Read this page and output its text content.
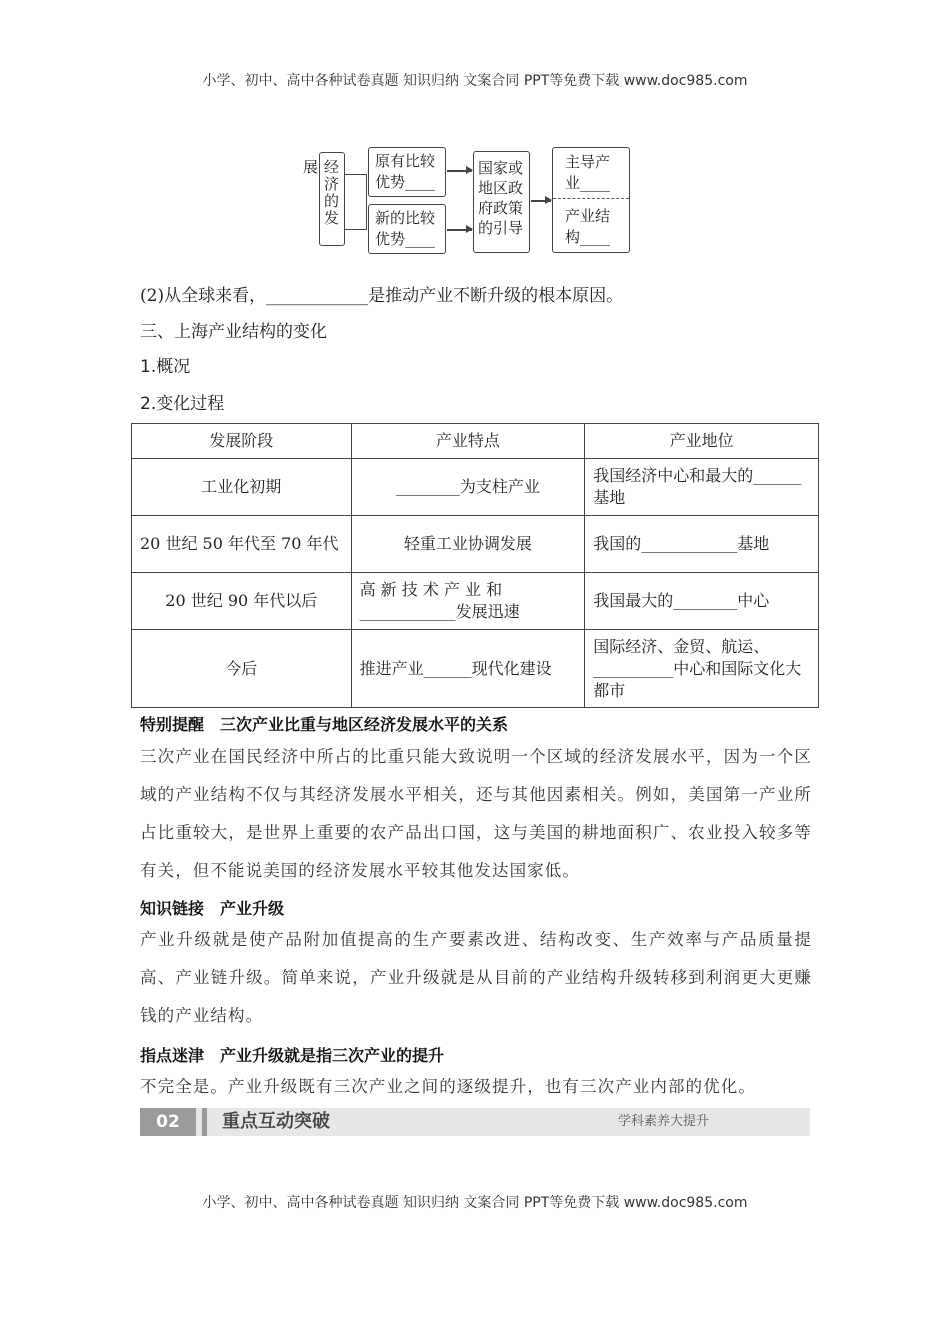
小学、初中、高中各种试卷真题 知识归纳 文案合同 PPT等免费下载 www.doc985.com
经济的发展	原有比较
优势____
新的比较
优势____
国家或
地区政
府政策
的引导
主导产
业____
产业结
构____
(2)从全球来看，____________是推动产业不断升级的根本原因。
三、上海产业结构的变化
1.概况
2.变化过程
发展阶段	产业特点	产业地位
工业化初期	________为支柱产业	我国经济中心和最大的______基地
20 世纪 50 年代至 70 年代	轻重工业协调发展	我国的____________基地
20 世纪 90 年代以后	高 新 技 术 产 业 和____________发展迅速	我国最大的________中心
今后	推进产业______现代化建设	国际经济、金贸、航运、__________中心和国际文化大都市
特别提醒　三次产业比重与地区经济发展水平的关系
三次产业在国民经济中所占的比重只能大致说明一个区域的经济发展水平，因为一个区域的产业结构不仅与其经济发展水平相关，还与其他因素相关。例如，美国第一产业所占比重较大，是世界上重要的农产品出口国，这与美国的耕地面积广、农业投入较多等有关，但不能说美国的经济发展水平较其他发达国家低。
知识链接　产业升级
产业升级就是使产品附加值提高的生产要素改进、结构改变、生产效率与产品质量提高、产业链升级。简单来说，产业升级就是从目前的产业结构升级转移到利润更大更赚钱的产业结构。
指点迷津　产业升级就是指三次产业的提升
不完全是。产业升级既有三次产业之间的逐级提升，也有三次产业内部的优化。
02	重点互动突破	学科素养大提升
小学、初中、高中各种试卷真题 知识归纳 文案合同 PPT等免费下载 www.doc985.com
